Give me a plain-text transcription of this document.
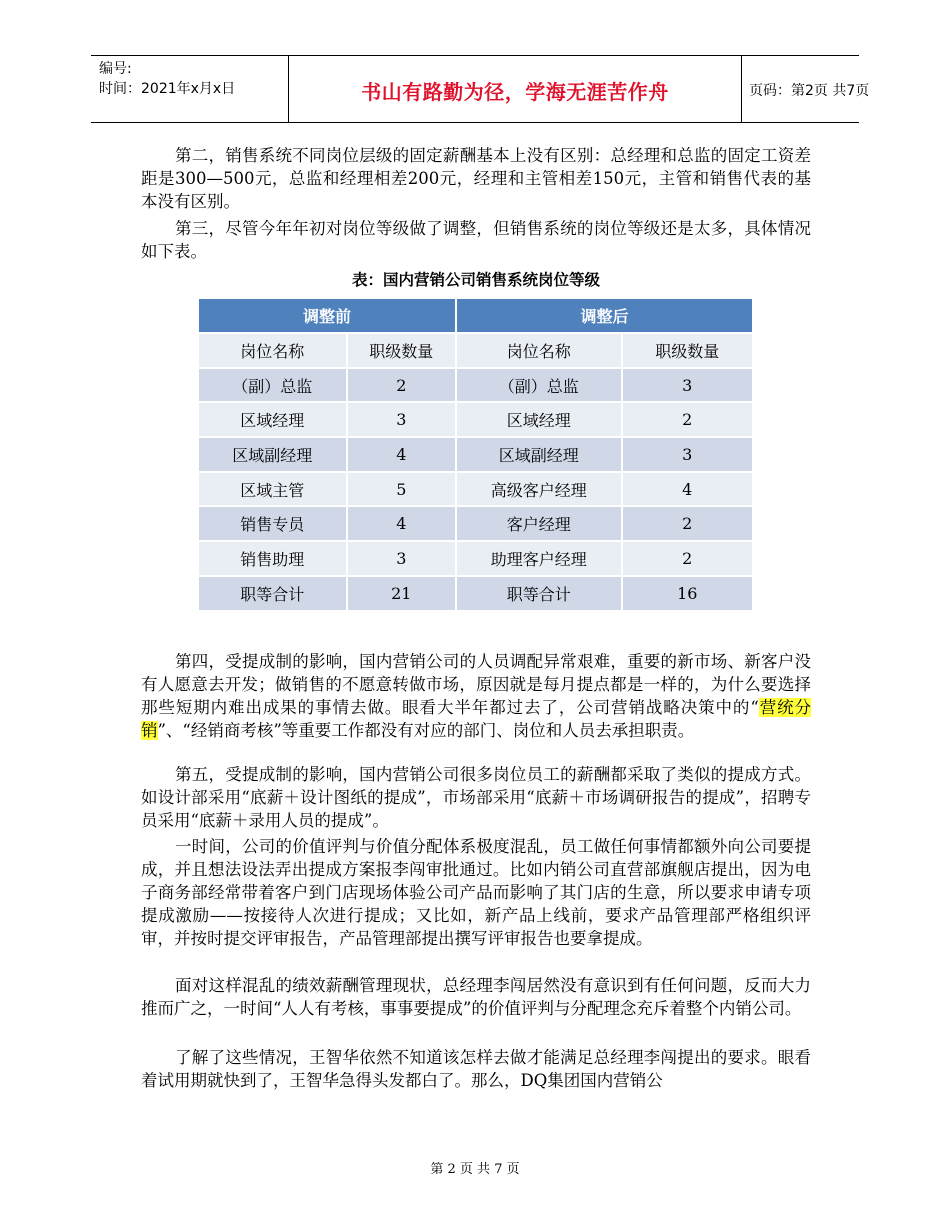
编号:
时间：2021年x月x日	书山有路勤为径，学海无涯苦作舟	页码：第2页 共7页

第二，销售系统不同岗位层级的固定薪酬基本上没有区别：总经理和总监的固定工资差距是300—500元，总监和经理相差200元，经理和主管相差150元，主管和销售代表的基本没有区别。

第三，尽管今年年初对岗位等级做了调整，但销售系统的岗位等级还是太多，具体情况如下表。

表：国内营销公司销售系统岗位等级
调整前		调整后	
岗位名称	职级数量	岗位名称	职级数量
（副）总监	2	（副）总监	3
区域经理	3	区域经理	2
区域副经理	4	区域副经理	3
区域主管	5	高级客户经理	4
销售专员	4	客户经理	2
销售助理	3	助理客户经理	2
职等合计	21	职等合计	16

第四，受提成制的影响，国内营销公司的人员调配异常艰难，重要的新市场、新客户没有人愿意去开发；做销售的不愿意转做市场，原因就是每月提点都是一样的，为什么要选择那些短期内难出成果的事情去做。眼看大半年都过去了，公司营销战略决策中的“营统分销”、“经销商考核”等重要工作都没有对应的部门、岗位和人员去承担职责。

第五，受提成制的影响，国内营销公司很多岗位员工的薪酬都采取了类似的提成方式。如设计部采用“底薪＋设计图纸的提成”，市场部采用“底薪＋市场调研报告的提成”，招聘专员采用“底薪＋录用人员的提成”。

一时间，公司的价值评判与价值分配体系极度混乱，员工做任何事情都额外向公司要提成，并且想法设法弄出提成方案报李闯审批通过。比如内销公司直营部旗舰店提出，因为电子商务部经常带着客户到门店现场体验公司产品而影响了其门店的生意，所以要求申请专项提成激励——按接待人次进行提成；又比如，新产品上线前，要求产品管理部严格组织评审，并按时提交评审报告，产品管理部提出撰写评审报告也要拿提成。

面对这样混乱的绩效薪酬管理现状，总经理李闯居然没有意识到有任何问题，反而大力推而广之，一时间“人人有考核，事事要提成”的价值评判与分配理念充斥着整个内销公司。

了解了这些情况，王智华依然不知道该怎样去做才能满足总经理李闯提出的要求。眼看着试用期就快到了，王智华急得头发都白了。那么，DQ集团国内营销公

第 2 页 共 7 页
